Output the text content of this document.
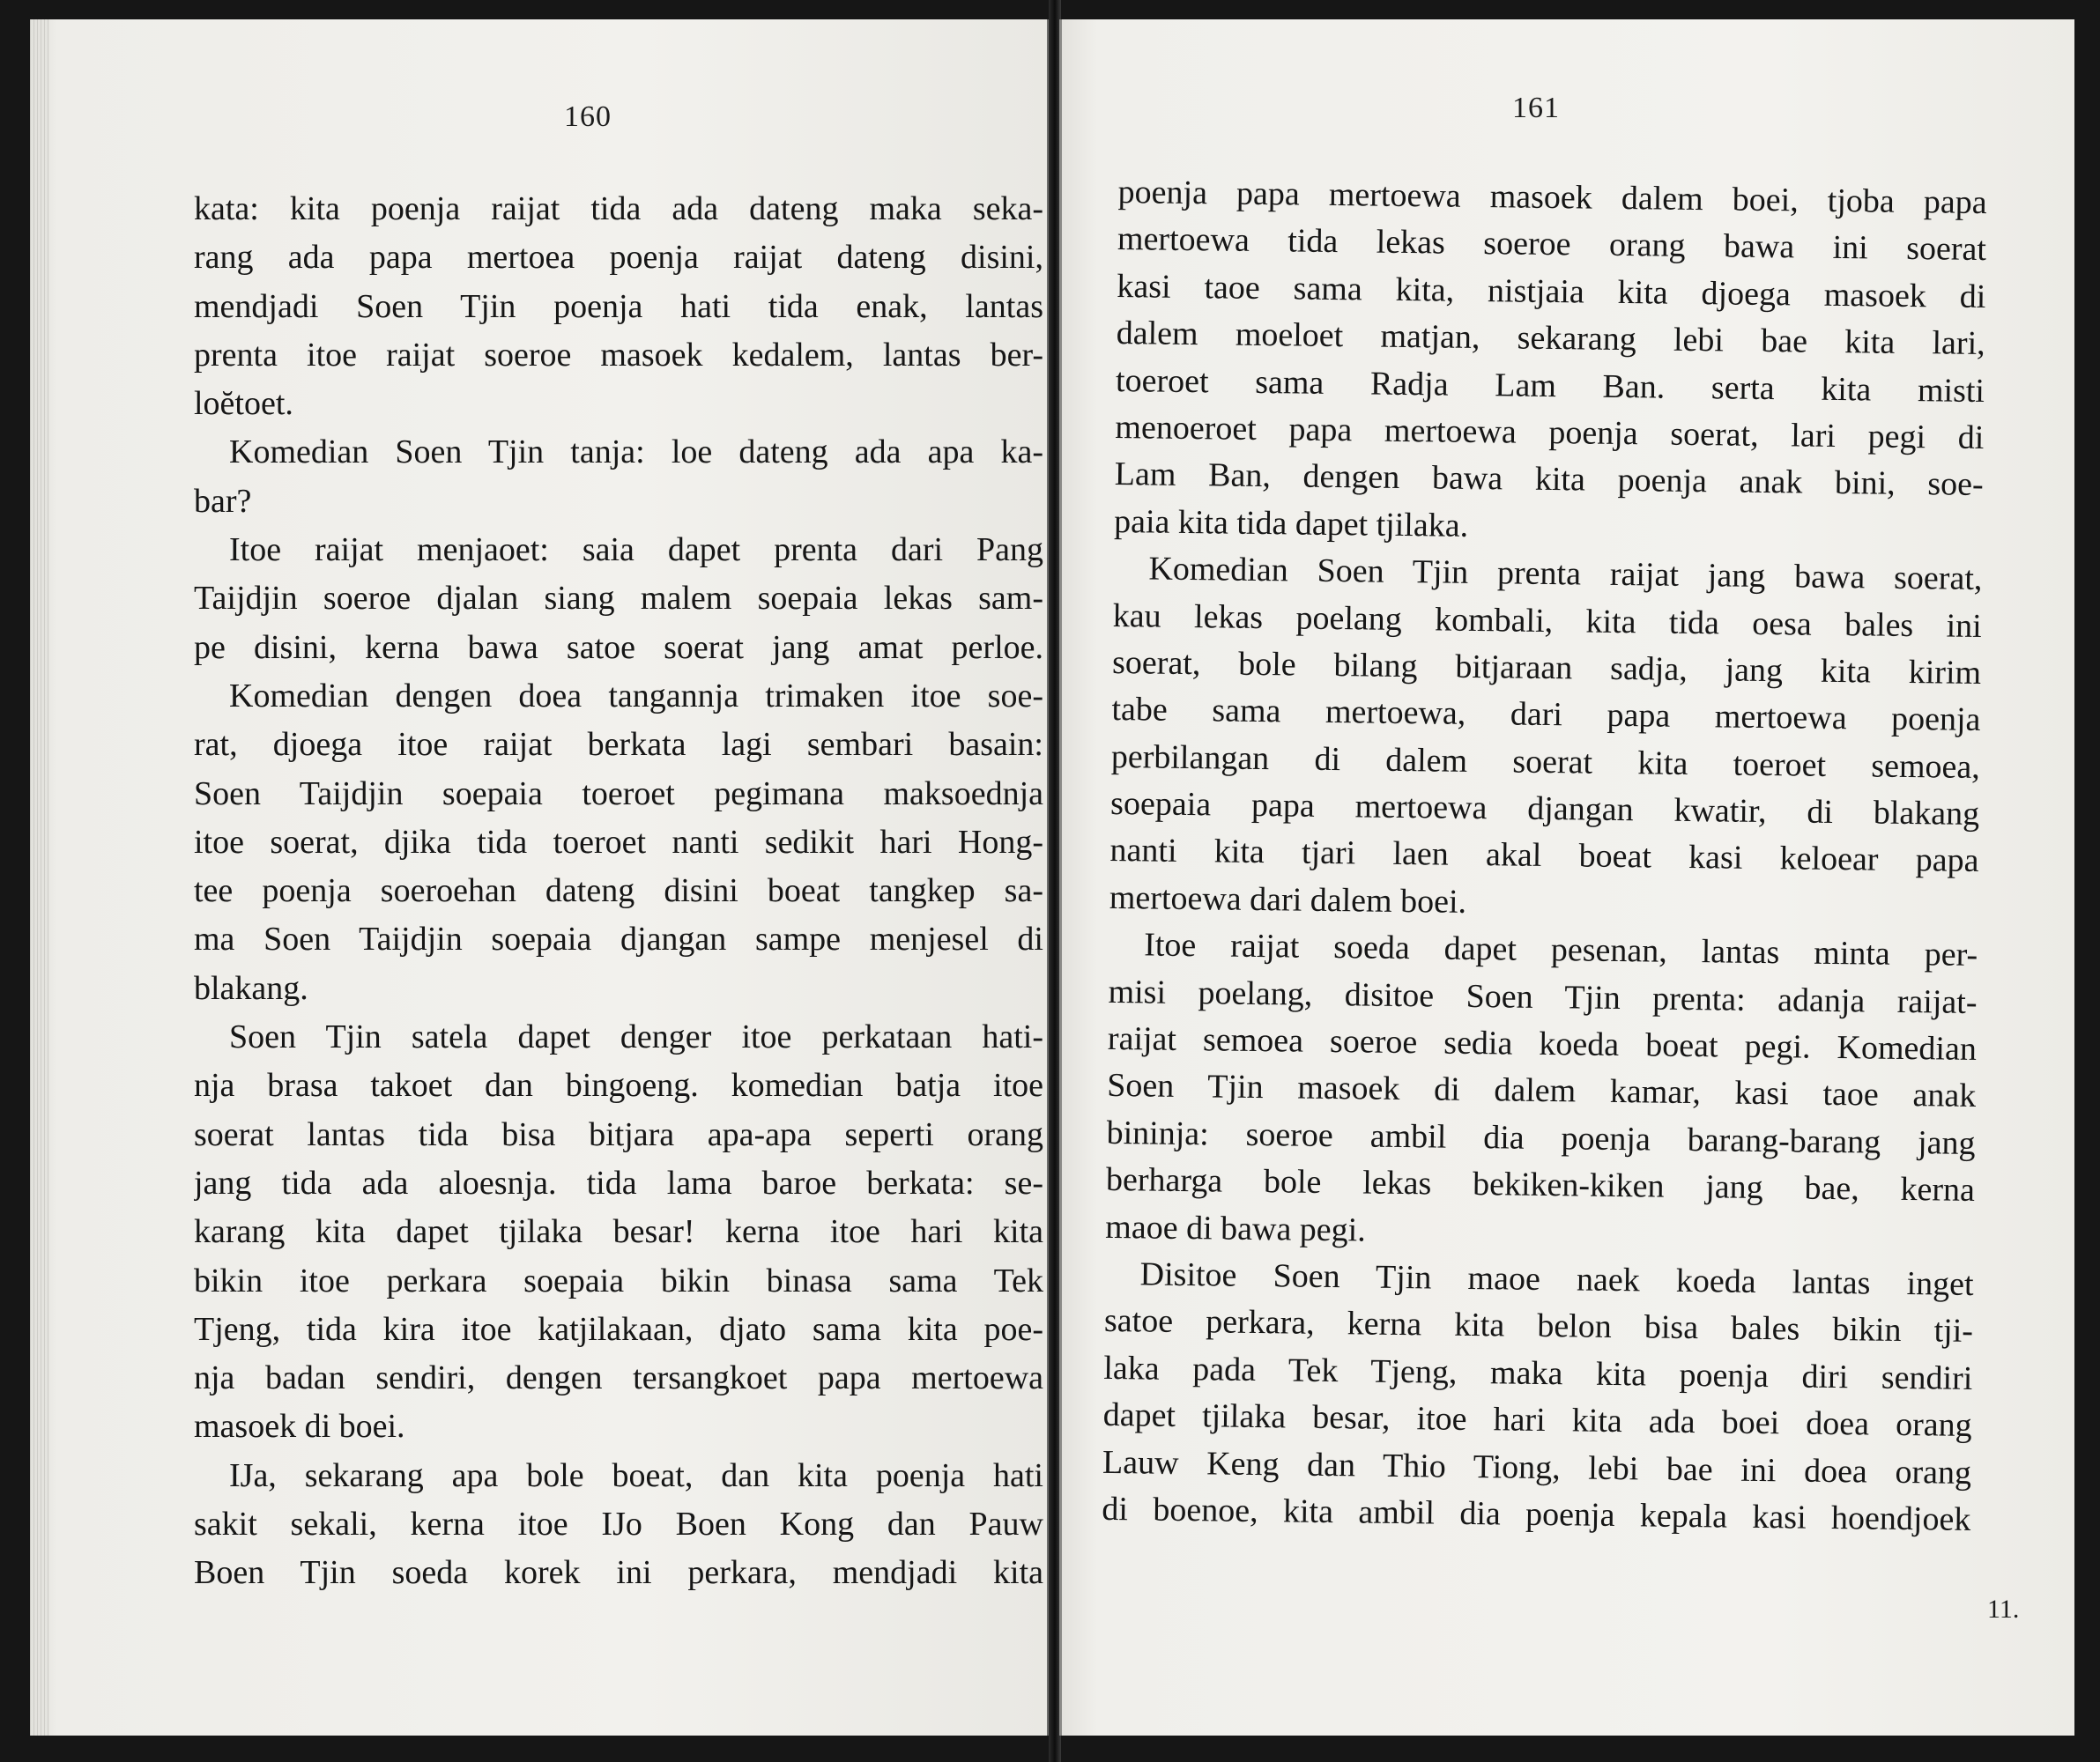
160
kata: kita poenja raijat tida ada dateng maka seka-
rang ada papa mertoea poenja raijat dateng disini,
mendjadi Soen Tjin poenja hati tida enak, lantas
prenta itoe raijat soeroe masoek kedalem, lantas ber-
loĕtoet.
Komedian Soen Tjin tanja: loe dateng ada apa ka-
bar?
Itoe raijat menjaoet: saia dapet prenta dari Pang
Taijdjin soeroe djalan siang malem soepaia lekas sam-
pe disini, kerna bawa satoe soerat jang amat perloe.
Komedian dengen doea tangannja trimaken itoe soe-
rat, djoega itoe raijat berkata lagi sembari basain:
Soen Taijdjin soepaia toeroet pegimana maksoednja
itoe soerat, djika tida toeroet nanti sedikit hari Hong-
tee poenja soeroehan dateng disini boeat tangkep sa-
ma Soen Taijdjin soepaia djangan sampe menjesel di
blakang.
Soen Tjin satela dapet denger itoe perkataan hati-
nja brasa takoet dan bingoeng. komedian batja itoe
soerat lantas tida bisa bitjara apa-apa seperti orang
jang tida ada aloesnja. tida lama baroe berkata: se-
karang kita dapet tjilaka besar! kerna itoe hari kita
bikin itoe perkara soepaia bikin binasa sama Tek
Tjeng, tida kira itoe katjilakaan, djato sama kita poe-
nja badan sendiri, dengen tersangkoet papa mertoewa
masoek di boei.
IJa, sekarang apa bole boeat, dan kita poenja hati
sakit sekali, kerna itoe IJo Boen Kong dan Pauw
Boen Tjin soeda korek ini perkara, mendjadi kita
161
poenja papa mertoewa masoek dalem boei, tjoba papa
mertoewa tida lekas soeroe orang bawa ini soerat
kasi taoe sama kita, nistjaia kita djoega masoek di
dalem moeloet matjan, sekarang lebi bae kita lari,
toeroet sama Radja Lam Ban. serta kita misti
menoeroet papa mertoewa poenja soerat, lari pegi di
Lam Ban, dengen bawa kita poenja anak bini, soe-
paia kita tida dapet tjilaka.
Komedian Soen Tjin prenta raijat jang bawa soerat,
kau lekas poelang kombali, kita tida oesa bales ini
soerat, bole bilang bitjaraan sadja, jang kita kirim
tabe sama mertoewa, dari papa mertoewa poenja
perbilangan di dalem soerat kita toeroet semoea,
soepaia papa mertoewa djangan kwatir, di blakang
nanti kita tjari laen akal boeat kasi keloear papa
mertoewa dari dalem boei.
Itoe raijat soeda dapet pesenan, lantas minta per-
misi poelang, disitoe Soen Tjin prenta: adanja raijat-
raijat semoea soeroe sedia koeda boeat pegi. Komedian
Soen Tjin masoek di dalem kamar, kasi taoe anak
bininja: soeroe ambil dia poenja barang-barang jang
berharga bole lekas bekiken-kiken jang bae, kerna
maoe di bawa pegi.
Disitoe Soen Tjin maoe naek koeda lantas inget
satoe perkara, kerna kita belon bisa bales bikin tji-
laka pada Tek Tjeng, maka kita poenja diri sendiri
dapet tjilaka besar, itoe hari kita ada boei doea orang
Lauw Keng dan Thio Tiong, lebi bae ini doea orang
di boenoe, kita ambil dia poenja kepala kasi hoendjoek
11.
